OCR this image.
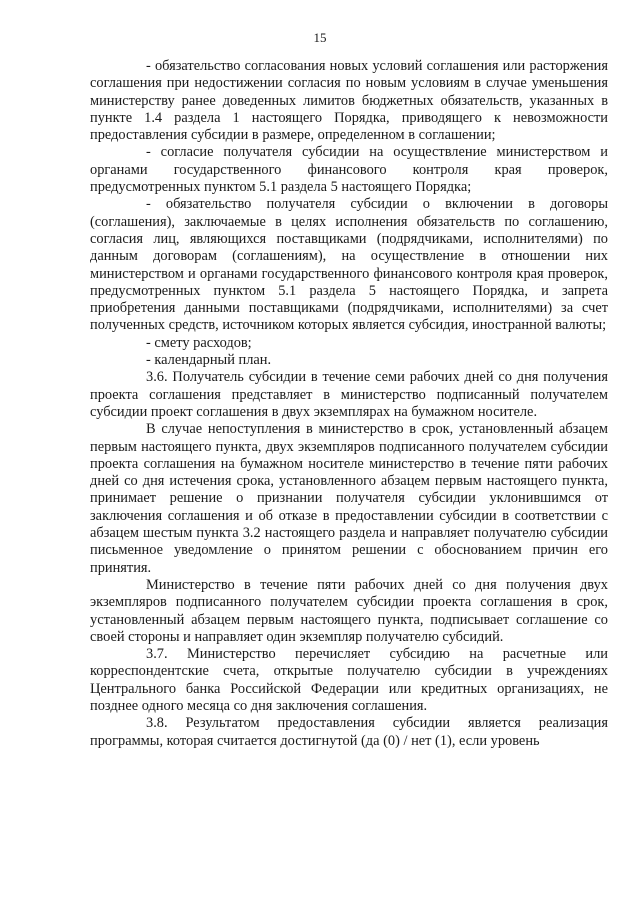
15

- обязательство согласования новых условий соглашения или расторжения соглашения при недостижении согласия по новым условиям в случае уменьшения министерству ранее доведенных лимитов бюджетных обязательств, указанных в пункте 1.4 раздела 1 настоящего Порядка, приводящего к невозможности предоставления субсидии в размере, определенном в соглашении;

- согласие получателя субсидии на осуществление министерством и органами государственного финансового контроля края проверок, предусмотренных пунктом 5.1 раздела 5 настоящего Порядка;

- обязательство получателя субсидии о включении в договоры (соглашения), заключаемые в целях исполнения обязательств по соглашению, согласия лиц, являющихся поставщиками (подрядчиками, исполнителями) по данным договорам (соглашениям), на осуществление в отношении них министерством и органами государственного финансового контроля края проверок, предусмотренных пунктом 5.1 раздела 5 настоящего Порядка, и запрета приобретения данными поставщиками (подрядчиками, исполнителями) за счет полученных средств, источником которых является субсидия, иностранной валюты;

- смету расходов;

- календарный план.

3.6. Получатель субсидии в течение семи рабочих дней со дня получения проекта соглашения представляет в министерство подписанный получателем субсидии проект соглашения в двух экземплярах на бумажном носителе.

В случае непоступления в министерство в срок, установленный абзацем первым настоящего пункта, двух экземпляров подписанного получателем субсидии проекта соглашения на бумажном носителе министерство в течение пяти рабочих дней со дня истечения срока, установленного абзацем первым настоящего пункта, принимает решение о признании получателя субсидии уклонившимся от заключения соглашения и об отказе в предоставлении субсидии в соответствии с абзацем шестым пункта 3.2 настоящего раздела и направляет получателю субсидии письменное уведомление о принятом решении с обоснованием причин его принятия.

Министерство в течение пяти рабочих дней со дня получения двух экземпляров подписанного получателем субсидии проекта соглашения в срок, установленный абзацем первым настоящего пункта, подписывает соглашение со своей стороны и направляет один экземпляр получателю субсидий.

3.7. Министерство перечисляет субсидию на расчетные или корреспондентские счета, открытые получателю субсидии в учреждениях Центрального банка Российской Федерации или кредитных организациях, не позднее одного месяца со дня заключения соглашения.

3.8. Результатом предоставления субсидии является реализация программы, которая считается достигнутой (да (0) / нет (1), если уровень
